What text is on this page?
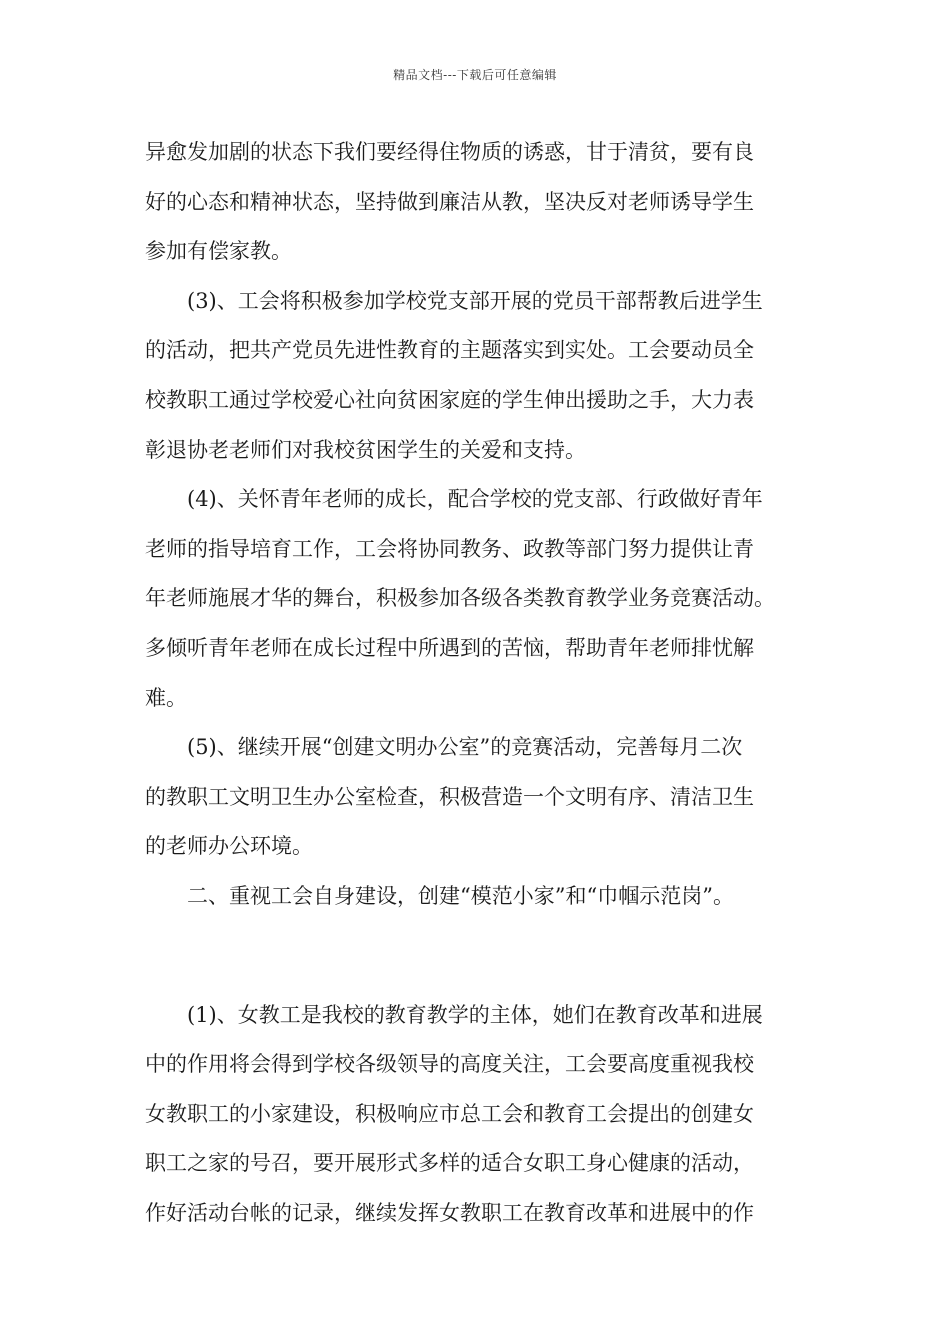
精品文档---下载后可任意编辑
异愈发加剧的状态下我们要经得住物质的诱惑，甘于清贫，要有良
好的心态和精神状态，坚持做到廉洁从教，坚决反对老师诱导学生
参加有偿家教。
　　(3)、工会将积极参加学校党支部开展的党员干部帮教后进学生
的活动，把共产党员先进性教育的主题落实到实处。工会要动员全
校教职工通过学校爱心社向贫困家庭的学生伸出援助之手，大力表
彰退协老老师们对我校贫困学生的关爱和支持。
　　(4)、关怀青年老师的成长，配合学校的党支部、行政做好青年
老师的指导培育工作，工会将协同教务、政教等部门努力提供让青
年老师施展才华的舞台，积极参加各级各类教育教学业务竞赛活动。
多倾听青年老师在成长过程中所遇到的苦恼，帮助青年老师排忧解
难。
　　(5)、继续开展“创建文明办公室”的竞赛活动，完善每月二次
的教职工文明卫生办公室检查，积极营造一个文明有序、清洁卫生
的老师办公环境。
　　二、重视工会自身建设，创建“模范小家”和“巾帼示范岗”。
　　(1)、女教工是我校的教育教学的主体，她们在教育改革和进展
中的作用将会得到学校各级领导的高度关注，工会要高度重视我校
女教职工的小家建设，积极响应市总工会和教育工会提出的创建女
职工之家的号召，要开展形式多样的适合女职工身心健康的活动，
作好活动台帐的记录，继续发挥女教职工在教育改革和进展中的作
